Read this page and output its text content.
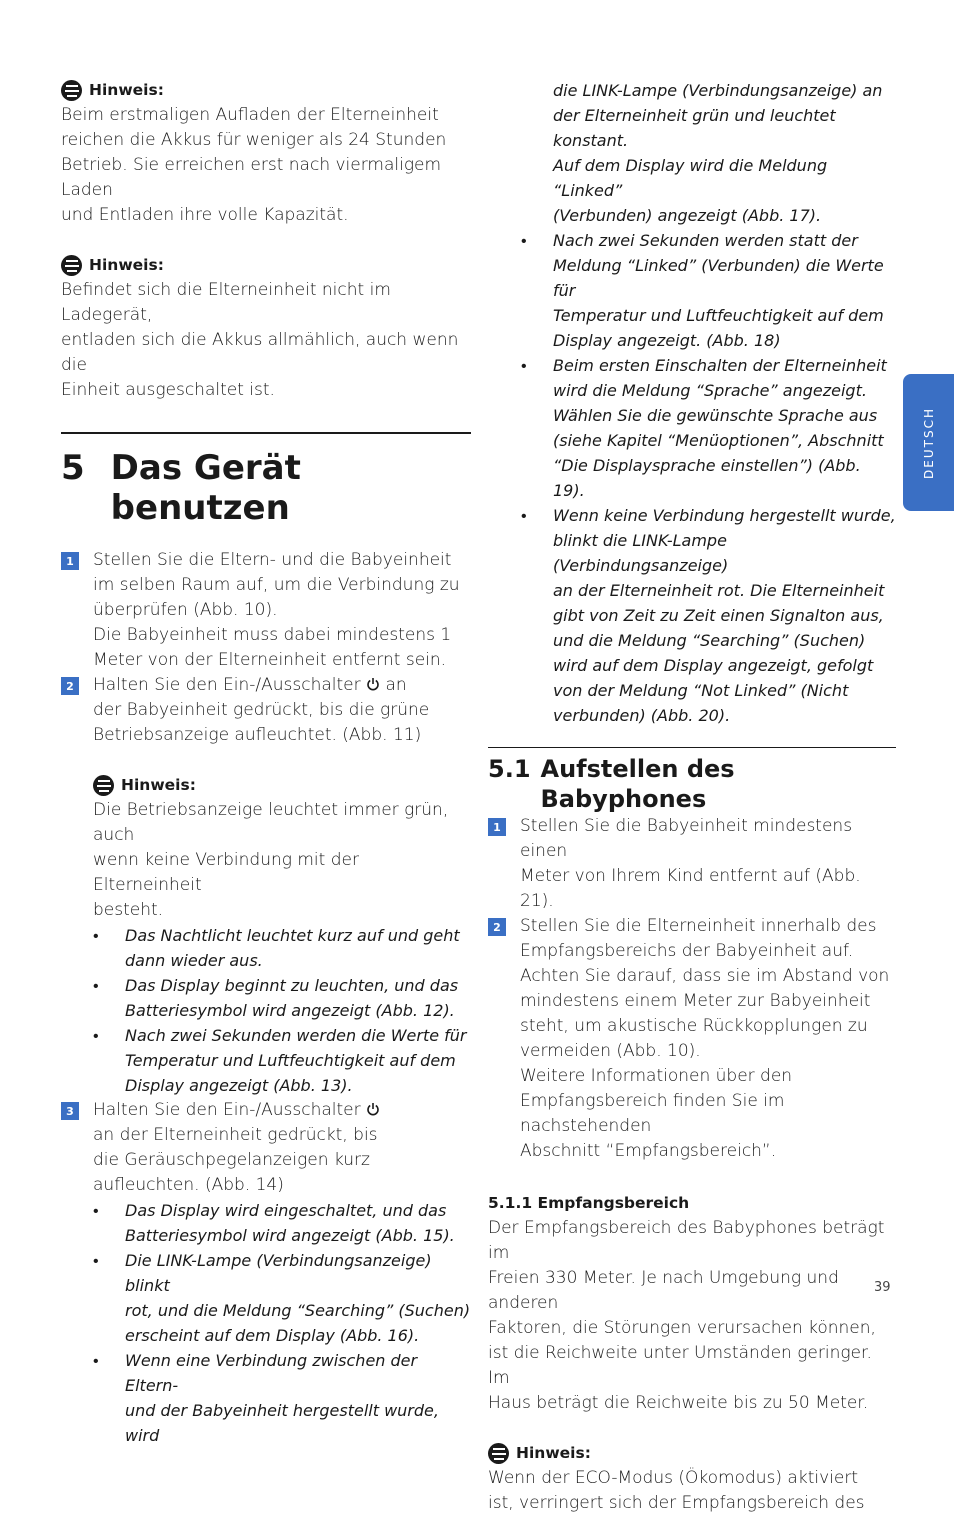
Hinweis:

Beim erstmaligen Aufladen der Elterneinheit

reichen die Akkus für weniger als 24 Stunden

Betrieb. Sie erreichen erst nach viermaligem Laden

und Entladen ihre volle Kapazität.

Hinweis:

Befindet sich die Elterneinheit nicht im Ladegerät,

entladen sich die Akkus allmählich, auch wenn die

Einheit ausgeschaltet ist.

5 Das Gerät benutzen
1	Stellen Sie die Eltern- und die Babyeinheit

im selben Raum auf, um die Verbindung zu

überprüfen (Abb. 10).

Die Babyeinheit muss dabei mindestens 1

Meter von der Elterneinheit entfernt sein.

2	Halten Sie den Ein-/Ausschalter an

der Babyeinheit gedrückt, bis die grüne

Betriebsanzeige aufleuchtet. (Abb. 11)

Hinweis:

Die Betriebsanzeige leuchtet immer grün, auch

wenn keine Verbindung mit der Elterneinheit

besteht.

• Das Nachtlicht leuchtet kurz auf und geht
dann wieder aus.
• Das Display beginnt zu leuchten, und das
Batteriesymbol wird angezeigt (Abb. 12).
• Nach zwei Sekunden werden die Werte für
Temperatur und Luftfeuchtigkeit auf dem
Display angezeigt (Abb. 13).
3	Halten Sie den Ein-/Ausschalter

an der Elterneinheit gedrückt, bis

die Geräuschpegelanzeigen kurz

aufleuchten. (Abb. 14)

• Das Display wird eingeschaltet, und das
Batteriesymbol wird angezeigt (Abb. 15).
• Die LINK-Lampe (Verbindungsanzeige) blinkt
rot, und die Meldung “Searching” (Suchen)
erscheint auf dem Display (Abb. 16).
• Wenn eine Verbindung zwischen der Eltern-
und der Babyeinheit hergestellt wurde, wird
die LINK-Lampe (Verbindungsanzeige) an
der Elterneinheit grün und leuchtet konstant.
Auf dem Display wird die Meldung “Linked”
(Verbunden) angezeigt (Abb. 17).
• Nach zwei Sekunden werden statt der
Meldung “Linked” (Verbunden) die Werte für
Temperatur und Luftfeuchtigkeit auf dem
Display angezeigt. (Abb. 18)
• Beim ersten Einschalten der Elterneinheit
wird die Meldung “Sprache” angezeigt.
Wählen Sie die gewünschte Sprache aus
(siehe Kapitel “Menüoptionen”, Abschnitt
“Die Displaysprache einstellen”) (Abb. 19).
• Wenn keine Verbindung hergestellt wurde,
blinkt die LINK-Lampe (Verbindungsanzeige)
an der Elterneinheit rot. Die Elterneinheit
gibt von Zeit zu Zeit einen Signalton aus,
und die Meldung “Searching” (Suchen)
wird auf dem Display angezeigt, gefolgt
von der Meldung “Not Linked” (Nicht
verbunden) (Abb. 20).
5.1 Aufstellen des Babyphones
1	Stellen Sie die Babyeinheit mindestens einen

Meter von Ihrem Kind entfernt auf (Abb. 21).

2	Stellen Sie die Elterneinheit innerhalb des

Empfangsbereichs der Babyeinheit auf.

Achten Sie darauf, dass sie im Abstand von

mindestens einem Meter zur Babyeinheit

steht, um akustische Rückkopplungen zu

vermeiden (Abb. 10).

Weitere Informationen über den

Empfangsbereich finden Sie im nachstehenden

Abschnitt “Empfangsbereich”.

5.1.1 Empfangsbereich

Der Empfangsbereich des Babyphones beträgt im

Freien 330 Meter. Je nach Umgebung und anderen

Faktoren, die Störungen verursachen können,

ist die Reichweite unter Umständen geringer. Im

Haus beträgt die Reichweite bis zu 50 Meter.

Hinweis:

Wenn der ECO-Modus (Ökomodus) aktiviert

ist, verringert sich der Empfangsbereich des

DEUTSCH
39
